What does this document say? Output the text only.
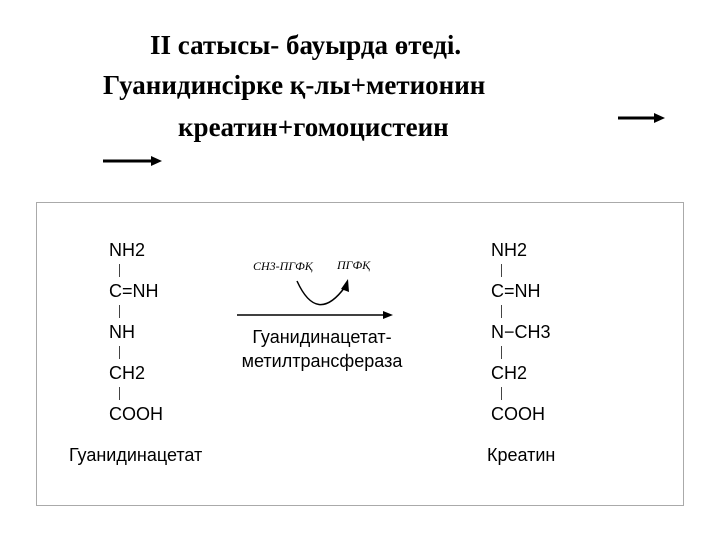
II сатысы- бауырда өтеді.
Гуанидинсірке қ-лы+метионин
креатин+гомоцистеин
NH2
C=NH
NH
CH2
COOH
Гуанидинацетат
CH3-ПГФҚ ПГФҚ
Гуанидинацетат-
метилтрансфераза
NH2
C=NH
N−CH3
CH2
COOH
Креатин
